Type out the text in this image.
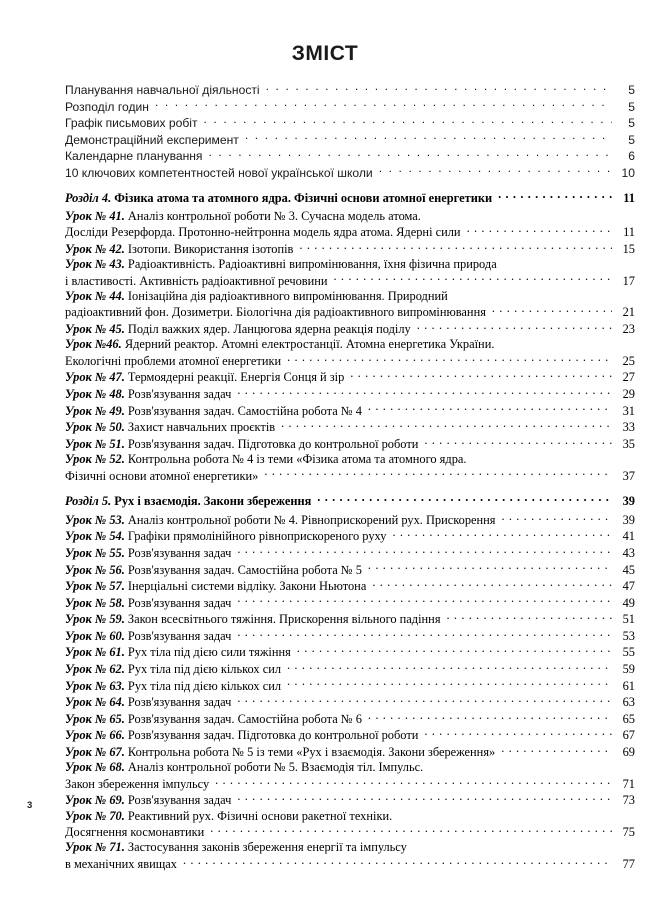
ЗМІСТ
Планування навчальної діяльності . . .	5
Розподіл годин . . .	5
Графік письмових робіт . . .	5
Демонстраційний експеримент . . .	5
Календарне планування . . .	6
10 ключових компетентностей нової української школи . . .	10
Розділ 4. Фізика атома та атомного ядра. Фізичні основи атомної енергетики . . .	11
Урок № 41. Аналіз контрольної роботи № 3. Сучасна модель атома.
Досліди Резерфорда. Протонно-нейтронна модель ядра атома. Ядерні сили . . .	11
Урок № 42. Ізотопи. Використання ізотопів . . .	15
Урок № 43. Радіоактивність. Радіоактивні випромінювання, їхня фізична природа
і властивості. Активність радіоактивної речовини . . .	17
Урок № 44. Іонізаційна дія радіоактивного випромінювання. Природний
радіоактивний фон. Дозиметри. Біологічна дія радіоактивного випромінювання . . .	21
Урок № 45. Поділ важких ядер. Ланцюгова ядерна реакція поділу . . .	23
Урок №46. Ядерний реактор. Атомні електростанції. Атомна енергетика України.
Екологічні проблеми атомної енергетики . . .	25
Урок № 47. Термоядерні реакції. Енергія Сонця й зір . . .	27
Урок № 48. Розв'язування задач . . .	29
Урок № 49. Розв'язування задач. Самостійна робота № 4 . . .	31
Урок № 50. Захист навчальних проєктів . . .	33
Урок № 51. Розв'язування задач. Підготовка до контрольної роботи . . .	35
Урок № 52. Контрольна робота № 4 із теми «Фізика атома та атомного ядра.
Фізичні основи атомної енергетики» . . .	37
Розділ 5. Рух і взаємодія. Закони збереження . . .	39
Урок № 53. Аналіз контрольної роботи № 4. Рівноприскорений рух. Прискорення . . .	39
Урок № 54. Графіки прямолінійного рівноприскореного руху . . .	41
Урок № 55. Розв'язування задач . . .	43
Урок № 56. Розв'язування задач. Самостійна робота № 5 . . .	45
Урок № 57. Інерціальні системи відліку. Закони Ньютона . . .	47
Урок № 58. Розв'язування задач . . .	49
Урок № 59. Закон всесвітнього тяжіння. Прискорення вільного падіння . . .	51
Урок № 60. Розв'язування задач . . .	53
Урок № 61. Рух тіла під дією сили тяжіння . . .	55
Урок № 62. Рух тіла під дією кількох сил . . .	59
Урок № 63. Рух тіла під дією кількох сил . . .	61
Урок № 64. Розв'язування задач . . .	63
Урок № 65. Розв'язування задач. Самостійна робота № 6 . . .	65
Урок № 66. Розв'язування задач. Підготовка до контрольної роботи . . .	67
Урок № 67. Контрольна робота № 5 із теми «Рух і взаємодія. Закони збереження» . . .	69
Урок № 68. Аналіз контрольної роботи № 5. Взаємодія тіл. Імпульс.
Закон збереження імпульсу . . .	71
Урок № 69. Розв'язування задач . . .	73
Урок № 70. Реактивний рух. Фізичні основи ракетної техніки.
Досягнення космонавтики . . .	75
Урок № 71. Застосування законів збереження енергії та імпульсу
в механічних явищах . . .	77
3
